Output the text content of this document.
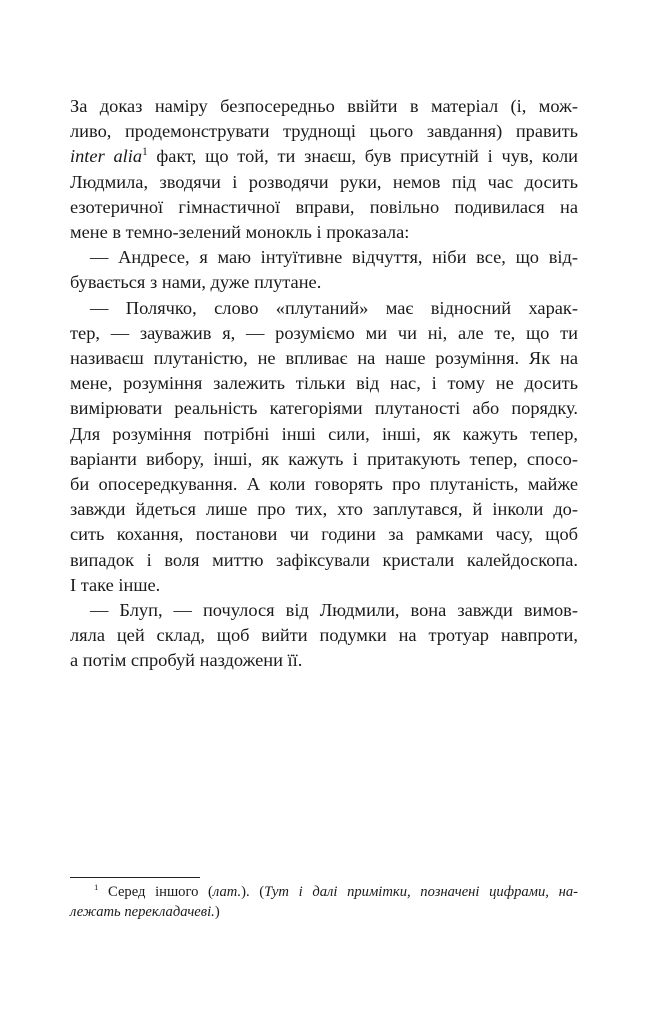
За доказ наміру безпосередньо ввійти в матеріал (і, мож-
ливо, продемонструвати труднощі цього завдання) править
inter alia$^1$ факт, що той, ти знаєш, був присутній і чув, коли
Людмила, зводячи і розводячи руки, немов під час досить
езотеричної гімнастичної вправи, повільно подивилася на
мене в темно-зелений монокль і проказала:

— Андресе, я маю інтуїтивне відчуття, ніби все, що від-
бувається з нами, дуже плутане.

— Полячко, слово «плутаний» має відносний харак-
тер, — зауважив я, — розуміємо ми чи ні, але те, що ти
називаєш плутаністю, не впливає на наше розуміння. Як на
мене, розуміння залежить тільки від нас, і тому не досить
вимірювати реальність категоріями плутаності або порядку.
Для розуміння потрібні інші сили, інші, як кажуть тепер,
варіанти вибору, інші, як кажуть і притакують тепер, спосо-
би опосередкування. А коли говорять про плутаність, майже
завжди йдеться лише про тих, хто заплутався, й інколи до-
сить кохання, постанови чи години за рамками часу, щоб
випадок і воля миттю зафіксували кристали калейдоскопа.
І таке інше.

— Блуп, — почулося від Людмили, вона завжди вимов-
ляла цей склад, щоб вийти подумки на тротуар навпроти,
а потім спробуй наздожени її.

$^1$ Серед іншого (лат.). (Тут і далі примітки, позначені цифрами, на-
лежать перекладачеві.)
